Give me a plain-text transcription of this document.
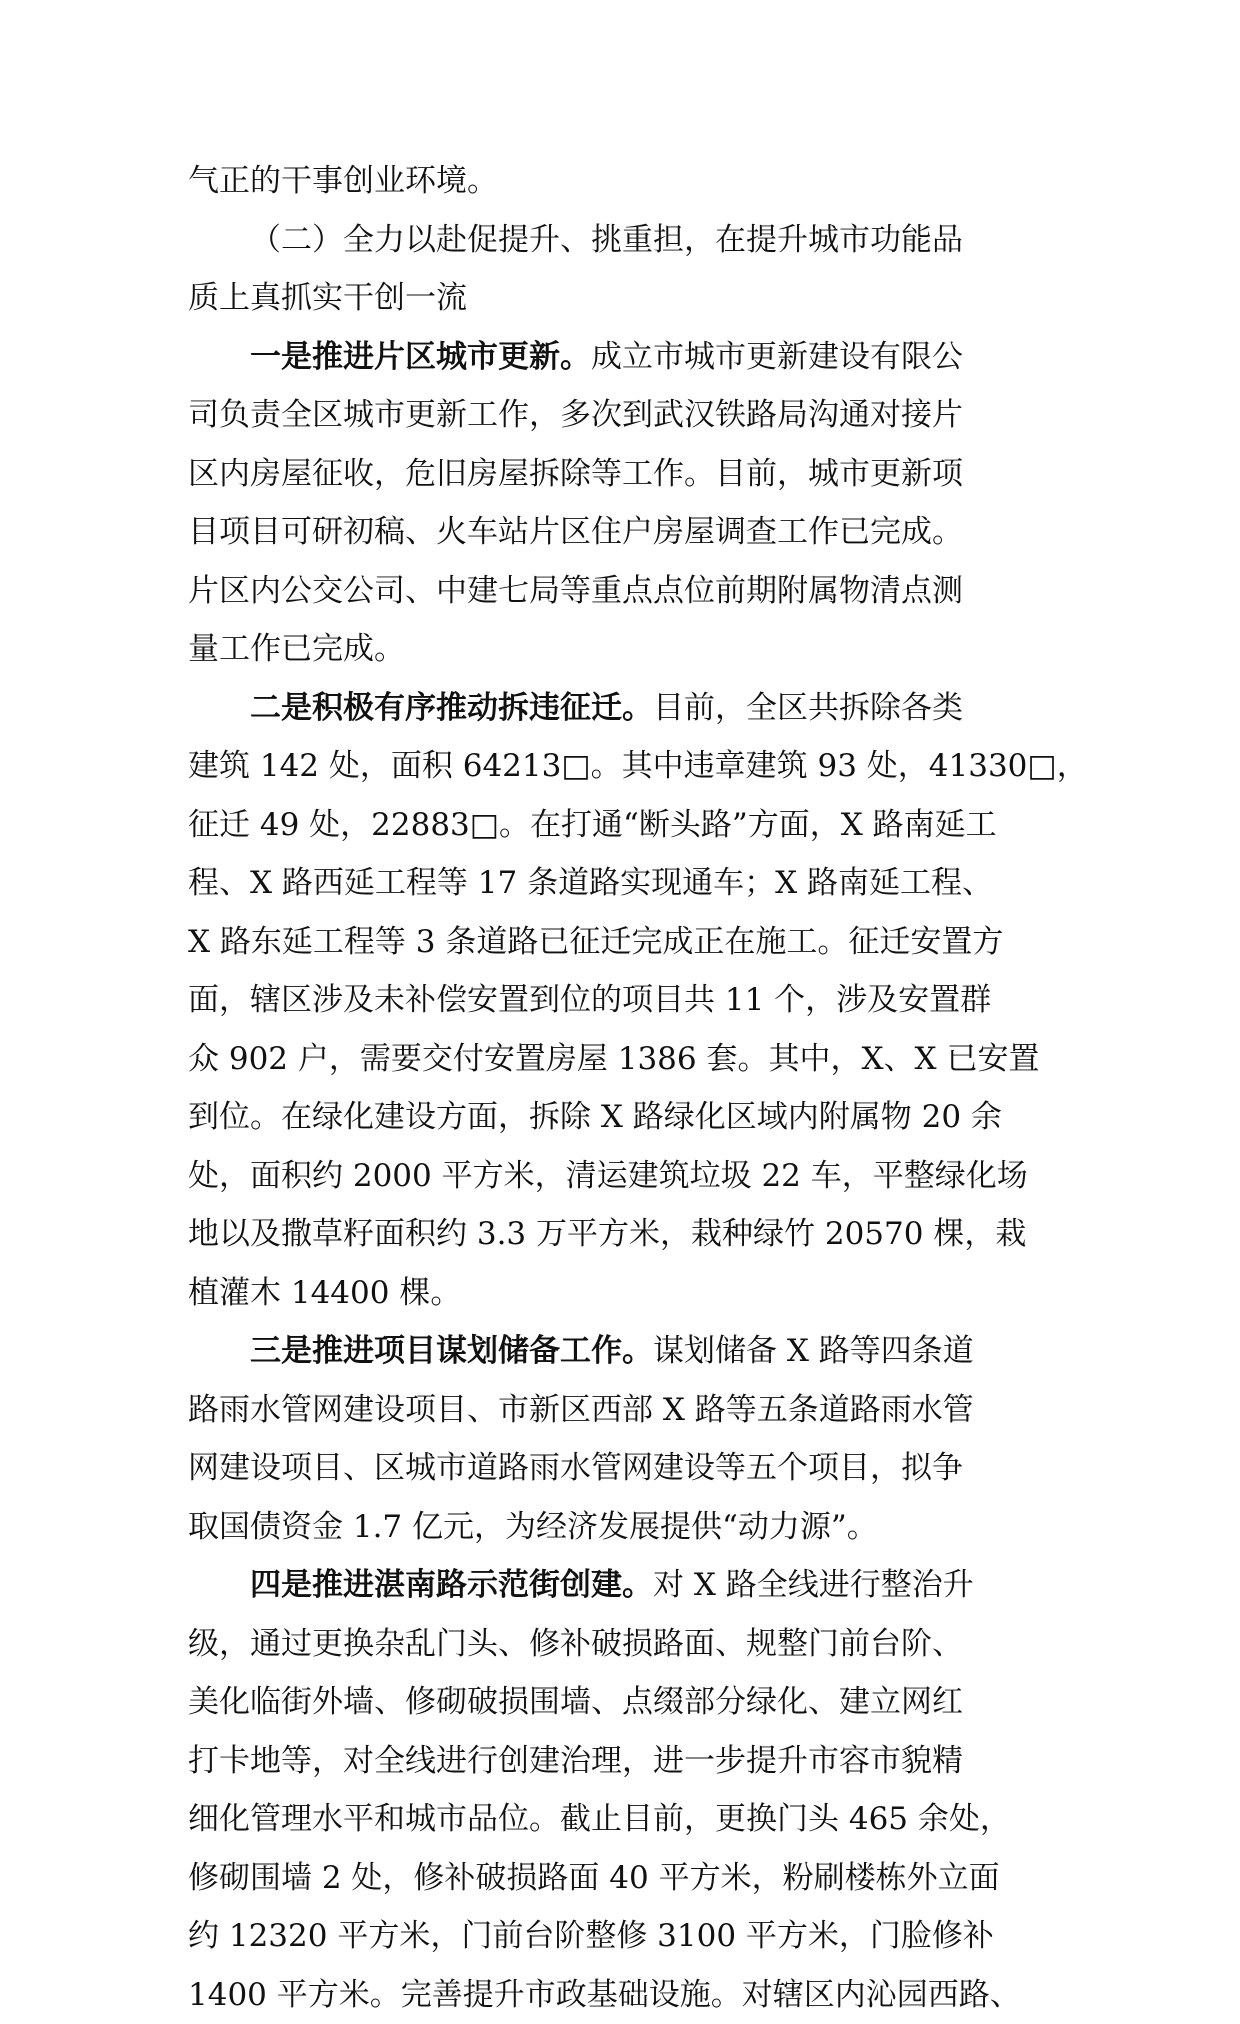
气正的干事创业环境。
（二）全力以赴促提升、挑重担，在提升城市功能品
质上真抓实干创一流
一是推进片区城市更新。成立市城市更新建设有限公
司负责全区城市更新工作，多次到武汉铁路局沟通对接片
区内房屋征收，危旧房屋拆除等工作。目前，城市更新项
目项目可研初稿、火车站片区住户房屋调查工作已完成。
片区内公交公司、中建七局等重点点位前期附属物清点测
量工作已完成。
二是积极有序推动拆违征迁。目前，全区共拆除各类
建筑 142 处，面积 64213□。其中违章建筑 93 处，41330□，
征迁 49 处，22883□。在打通“断头路”方面，X 路南延工
程、X 路西延工程等 17 条道路实现通车；X 路南延工程、
X 路东延工程等 3 条道路已征迁完成正在施工。征迁安置方
面，辖区涉及未补偿安置到位的项目共 11 个，涉及安置群
众 902 户，需要交付安置房屋 1386 套。其中，X、X 已安置
到位。在绿化建设方面，拆除 X 路绿化区域内附属物 20 余
处，面积约 2000 平方米，清运建筑垃圾 22 车，平整绿化场
地以及撒草籽面积约 3.3 万平方米，栽种绿竹 20570 棵，栽
植灌木 14400 棵。
三是推进项目谋划储备工作。谋划储备 X 路等四条道
路雨水管网建设项目、市新区西部 X 路等五条道路雨水管
网建设项目、区城市道路雨水管网建设等五个项目，拟争
取国债资金 1.7 亿元，为经济发展提供“动力源”。
四是推进湛南路示范街创建。对 X 路全线进行整治升
级，通过更换杂乱门头、修补破损路面、规整门前台阶、
美化临街外墙、修砌破损围墙、点缀部分绿化、建立网红
打卡地等，对全线进行创建治理，进一步提升市容市貌精
细化管理水平和城市品位。截止目前，更换门头 465 余处，
修砌围墙 2 处，修补破损路面 40 平方米，粉刷楼栋外立面
约 12320 平方米，门前台阶整修 3100 平方米，门脸修补
1400 平方米。完善提升市政基础设施。对辖区内沁园西路、
